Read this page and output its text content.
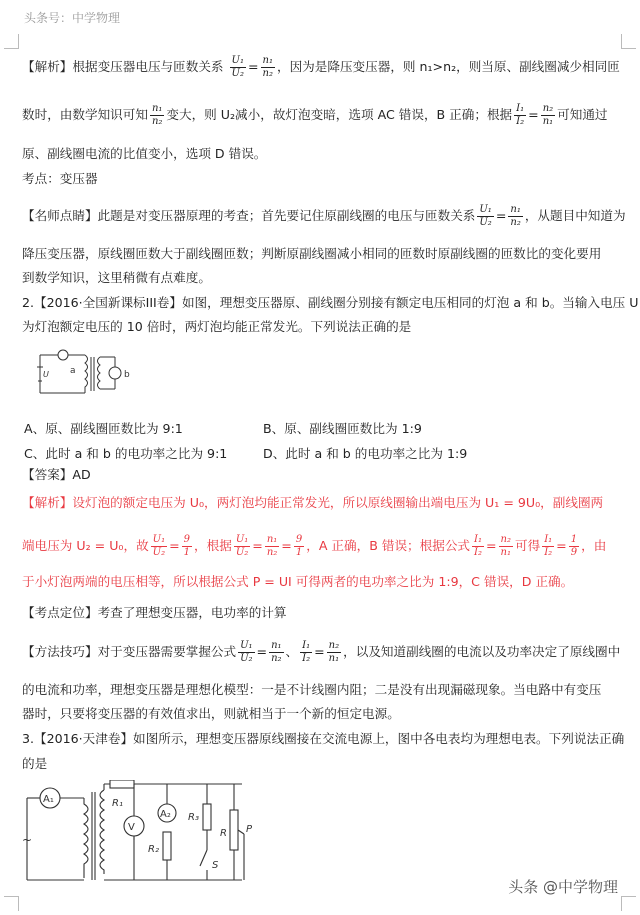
头条号：中学物理
【解析】根据变压器电压与匝数关系 $\frac{\text{U₁}}{\text{U₂}} = \frac{\text{n₁}}{\text{n₂}}$ ，因为是降压变压器，则 n₁>n₂，则当原、副线圈减少相同匝
数时，由数学知识可知 $\frac{\text{n₁}}{\text{n₂}}$ 变大，则 U₂减小，故灯泡变暗，选项 AC 错误，B 正确；根据 $\frac{\text{I₁}}{\text{I₂}} = \frac{\text{n₂}}{\text{n₁}}$ 可知通过
原、副线圈电流的比值变小，选项 D 错误。
考点：变压器
【名师点睛】此题是对变压器原理的考查；首先要记住原副线圈的电压与匝数关系 $\frac{\text{U₁}}{\text{U₂}} = \frac{\text{n₁}}{\text{n₂}}$ ，从题目中知道为
降压变压器，原线圈匝数大于副线圈匝数；判断原副线圈减小相同的匝数时原副线圈的匝数比的变化要用
到数学知识，这里稍微有点难度。
2.【2016·全国新课标III卷】如图，理想变压器原、副线圈分别接有额定电压相同的灯泡 a 和 b。当输入电压 U
为灯泡额定电压的 10 倍时，两灯泡均能正常发光。下列说法正确的是
a	b
U
A、原、副线圈匝数比为 9:1	B、原、副线圈匝数比为 1:9
C、此时 a 和 b 的电功率之比为 9:1	D、此时 a 和 b 的电功率之比为 1:9
【答案】AD
【解析】设灯泡的额定电压为 U₀，两灯泡均能正常发光，所以原线圈输出端电压为 U₁ = 9U₀，副线圈两
端电压为 U₂ = U₀，故 $\frac{\text{U₁}}{\text{U₂}} = \frac{9}{1}$ ，根据 $\frac{\text{U₁}}{\text{U₂}} = \frac{\text{n₁}}{\text{n₂}} = \frac{9}{1}$ ，A 正确，B 错误；根据公式 $\frac{\text{I₁}}{\text{I₂}} = \frac{\text{n₂}}{\text{n₁}}$ 可得 $\frac{\text{I₁}}{\text{I₂}} = \frac{1}{9}$ ，由
于小灯泡两端的电压相等，所以根据公式 P = UI 可得两者的电功率之比为 1:9，C 错误，D 正确。
【考点定位】考查了理想变压器，电功率的计算
【方法技巧】对于变压器需要掌握公式 $\frac{\text{U₁}}{\text{U₂}} = \frac{\text{n₁}}{\text{n₂}}$ 、 $\frac{\text{I₁}}{\text{I₂}} = \frac{\text{n₂}}{\text{n₁}}$ ，以及知道副线圈的电流以及功率决定了原线圈中
的电流和功率，理想变压器是理想化模型：一是不计线圈内阻；二是没有出现漏磁现象。当电路中有变压
器时，只要将变压器的有效值求出，则就相当于一个新的恒定电源。
3.【2016·天津卷】如图所示，理想变压器原线圈接在交流电源上，图中各电表均为理想电表。下列说法正确
的是
A₁	R₁
V
A₂
R₂
R₃
S
R P
~
头条 @中学物理
